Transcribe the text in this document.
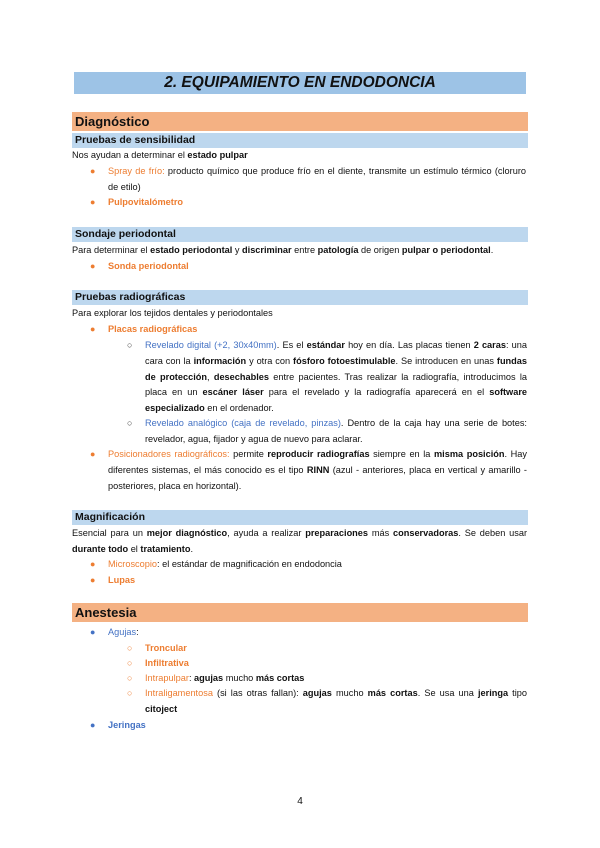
2. EQUIPAMIENTO EN ENDODONCIA
Diagnóstico
Pruebas de sensibilidad
Nos ayudan a determinar el estado pulpar
● Spray de frío: producto químico que produce frío en el diente, transmite un estímulo térmico (cloruro de etilo)
● Pulpovitalómetro
Sondaje periodontal
Para determinar el estado periodontal y discriminar entre patología de origen pulpar o periodontal.
● Sonda periodontal
Pruebas radiográficas
Para explorar los tejidos dentales y periodontales
● Placas radiográficas
○ Revelado digital (+2, 30x40mm). Es el estándar hoy en día. Las placas tienen 2 caras: una cara con la información y otra con fósforo fotoestimulable. Se introducen en unas fundas de protección, desechables entre pacientes. Tras realizar la radiografía, introducimos la placa en un escáner láser para el revelado y la radiografía aparecerá en el software especializado en el ordenador.
○ Revelado analógico (caja de revelado, pinzas). Dentro de la caja hay una serie de botes: revelador, agua, fijador y agua de nuevo para aclarar.
● Posicionadores radiográficos: permite reproducir radiografías siempre en la misma posición. Hay diferentes sistemas, el más conocido es el tipo RINN (azul - anteriores, placa en vertical y amarillo - posteriores, placa en horizontal).
Magnificación
Esencial para un mejor diagnóstico, ayuda a realizar preparaciones más conservadoras. Se deben usar durante todo el tratamiento.
● Microscopio: el estándar de magnificación en endodoncia
● Lupas
Anestesia
● Agujas:
○ Troncular
○ Infiltrativa
○ Intrapulpar: agujas mucho más cortas
○ Intraligamentosa (si las otras fallan): agujas mucho más cortas. Se usa una jeringa tipo citoject
● Jeringas
4
